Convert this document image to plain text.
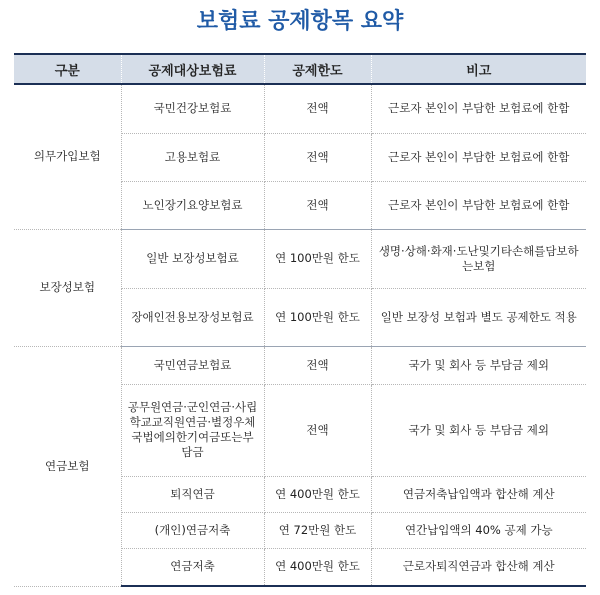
보험료 공제항목 요약
구분	공제대상보험료	공제한도	비고
의무가입보험	국민건강보험료	전액	근로자 본인이 부담한 보험료에 한함
	고용보험료	전액	근로자 본인이 부담한 보험료에 한함
	노인장기요양보험료	전액	근로자 본인이 부담한 보험료에 한함
보장성보험	일반 보장성보험료	연 100만원 한도	생명·상해·화재·도난및기타손해를담보하는보험
	장애인전용보장성보험료	연 100만원 한도	일반 보장성 보험과 별도 공제한도 적용
연금보험	국민연금보험료	전액	국가 및 회사 등 부담금 제외
	공무원연금·군인연금·사립학교교직원연금·별정우체국법에의한기여금또는부담금	전액	국가 및 회사 등 부담금 제외
	퇴직연금	연 400만원 한도	연금저축납입액과 합산해 계산
	(개인)연금저축	연 72만원 한도	연간납입액의 40% 공제 가능
	연금저축	연 400만원 한도	근로자퇴직연금과 합산해 계산
